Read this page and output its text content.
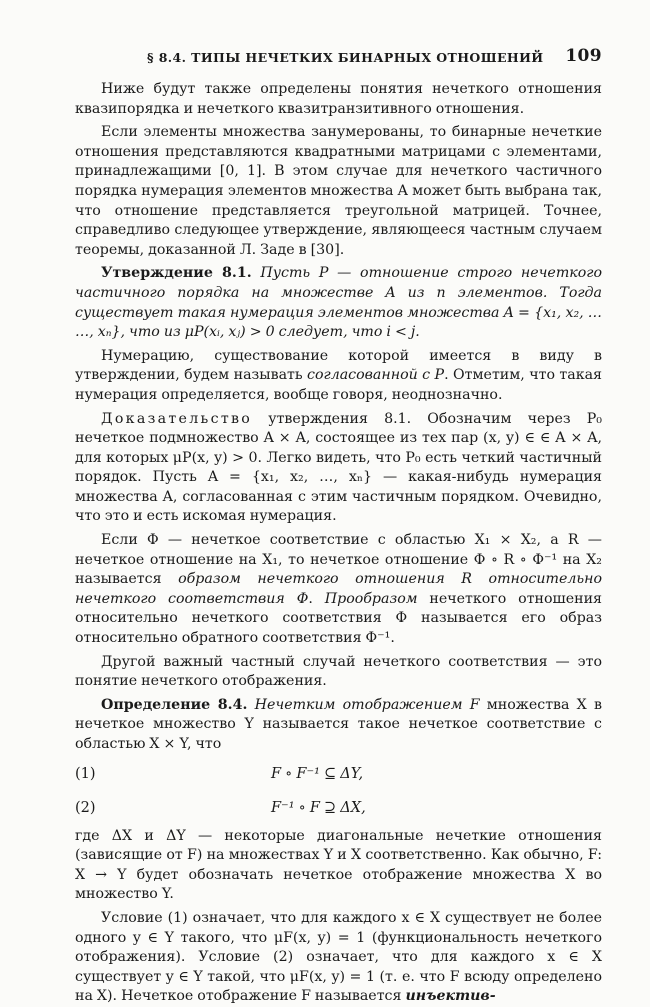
§ 8.4. ТИПЫ НЕЧЕТКИХ БИНАРНЫХ ОТНОШЕНИЙ 109

Ниже будут также определены понятия нечеткого отношения квазипорядка и нечеткого квазитранзитивного отношения.

Если элементы множества занумерованы, то бинарные нечеткие отношения представляются квадратными матрицами с элементами, принадлежащими [0, 1]. В этом случае для нечеткого частичного порядка нумерация элементов множества A может быть выбрана так, что отношение представляется треугольной матрицей. Точнее, справедливо следующее утверждение, являющееся частным случаем теоремы, доказанной Л. Заде в [30].

Утверждение 8.1. Пусть P — отношение строго нечеткого частичного порядка на множестве A из n элементов. Тогда существует такая нумерация элементов множества A = {x₁, x₂, … …, xₙ}, что из μP(xᵢ, xⱼ) > 0 следует, что i < j.

Нумерацию, существование которой имеется в виду в утверждении, будем называть согласованной с P. Отметим, что такая нумерация определяется, вообще говоря, неоднозначно.

Доказательство утверждения 8.1. Обозначим через P₀ нечеткое подмножество A × A, состоящее из тех пар (x, y) ∈ ∈ A × A, для которых μP(x, y) > 0. Легко видеть, что P₀ есть четкий частичный порядок. Пусть A = {x₁, x₂, …, xₙ} — какая-нибудь нумерация множества A, согласованная с этим частичным порядком. Очевидно, что это и есть искомая нумерация.

Если Φ — нечеткое соответствие с областью X₁ × X₂, а R — нечеткое отношение на X₁, то нечеткое отношение Φ ∘ R ∘ Φ⁻¹ на X₂ называется образом нечеткого отношения R относительно нечеткого соответствия Φ. Прообразом нечеткого отношения относительно нечеткого соответствия Φ называется его образ относительно обратного соответствия Φ⁻¹.

Другой важный частный случай нечеткого соответствия — это понятие нечеткого отображения.

Определение 8.4. Нечетким отображением F множества X в нечеткое множество Y называется такое нечеткое соответствие с областью X × Y, что

(1)	F ∘ F⁻¹ ⊆ ΔY,
(2)	F⁻¹ ∘ F ⊇ ΔX,

где ΔX и ΔY — некоторые диагональные нечеткие отношения (зависящие от F) на множествах Y и X соответственно. Как обычно, F: X → Y будет обозначать нечеткое отображение множества X во множество Y.

Условие (1) означает, что для каждого x ∈ X существует не более одного y ∈ Y такого, что μF(x, y) = 1 (функциональность нечеткого отображения). Условие (2) означает, что для каждого x ∈ X существует y ∈ Y такой, что μF(x, y) = 1 (т. е. что F всюду определено на X). Нечеткое отображение F называется инъектив-
